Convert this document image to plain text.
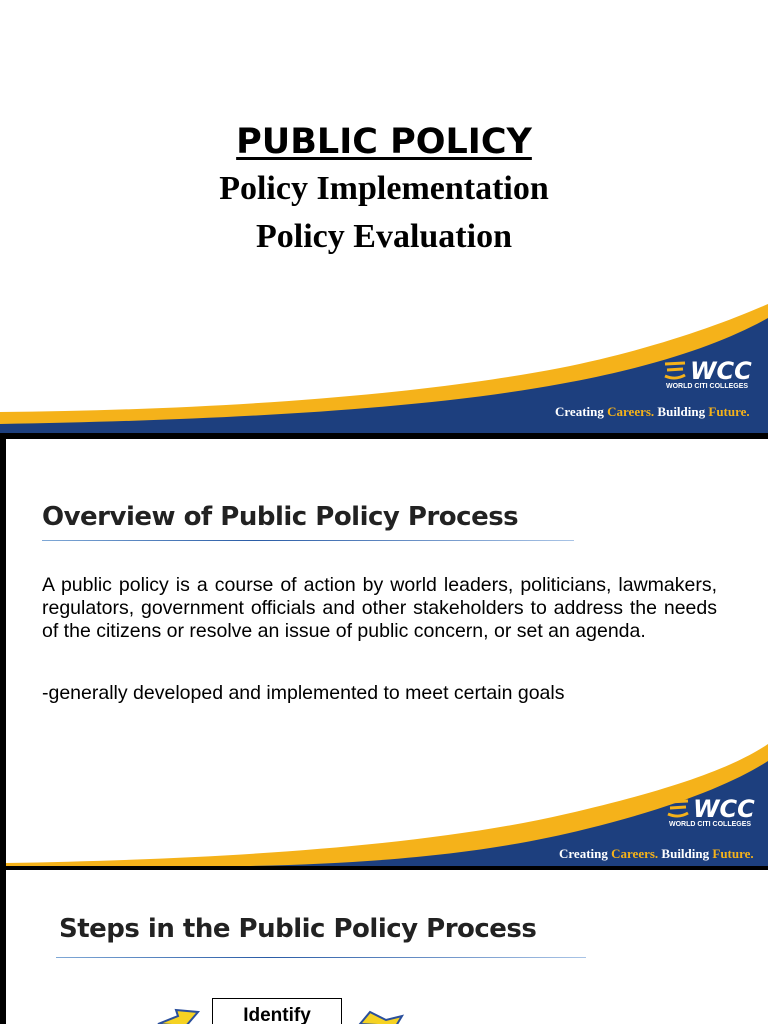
PUBLIC POLICY
Policy Implementation
Policy Evaluation
WCC
WORLD CITI COLLEGES
Creating Careers. Building Future.
Overview of Public Policy Process
A public policy is a course of action by world leaders, politicians, lawmakers, regulators, government officials and other stakeholders to address the needs of the citizens or resolve an issue of public concern, or set an agenda.
-generally developed and implemented to meet certain goals
WCC
WORLD CITI COLLEGES
Creating Careers. Building Future.
Steps in the Public Policy Process
Identify
